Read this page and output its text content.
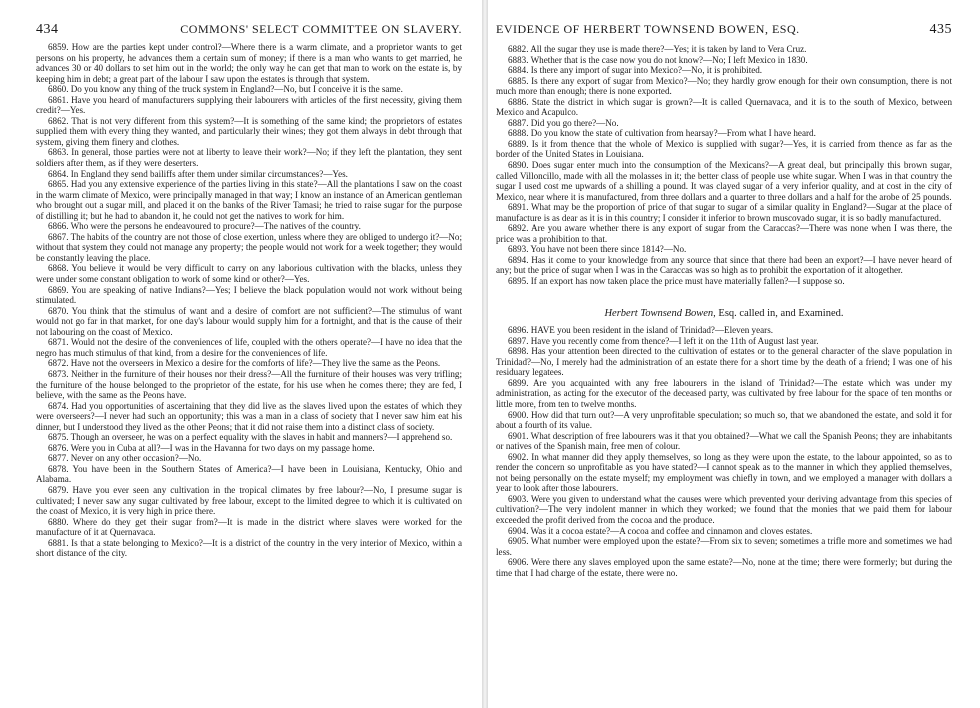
434	COMMONS' SELECT COMMITTEE ON SLAVERY.

6859. How are the parties kept under control?—Where there is a warm climate, and a proprietor wants to get persons on his property, he advances them a certain sum of money; if there is a man who wants to get married, he advances 30 or 40 dollars to set him out in the world; the only way he can get that man to work on the estate is, by keeping him in debt; a great part of the labour I saw upon the estates is through that system.

6860. Do you know any thing of the truck system in England?—No, but I conceive it is the same.

6861. Have you heard of manufacturers supplying their labourers with articles of the first necessity, giving them credit?—Yes.

6862. That is not very different from this system?—It is something of the same kind; the proprietors of estates supplied them with every thing they wanted, and particularly their wines; they got them always in debt through that system, giving them finery and clothes.

6863. In general, those parties were not at liberty to leave their work?—No; if they left the plantation, they sent soldiers after them, as if they were deserters.

6864. In England they send bailiffs after them under similar circumstances?—Yes.

6865. Had you any extensive experience of the parties living in this state?—All the plantations I saw on the coast in the warm climate of Mexico, were principally managed in that way; I know an instance of an American gentleman who brought out a sugar mill, and placed it on the banks of the River Tamasi; he tried to raise sugar for the purpose of distilling it; but he had to abandon it, he could not get the natives to work for him.

6866. Who were the persons he endeavoured to procure?—The natives of the country.

6867. The habits of the country are not those of close exertion, unless where they are obliged to undergo it?—No; without that system they could not manage any property; the people would not work for a week together; they would be constantly leaving the place.

6868. You believe it would be very difficult to carry on any laborious cultivation with the blacks, unless they were under some constant obligation to work of some kind or other?—Yes.

6869. You are speaking of native Indians?—Yes; I believe the black population would not work without being stimulated.

6870. You think that the stimulus of want and a desire of comfort are not sufficient?—The stimulus of want would not go far in that market, for one day's labour would supply him for a fortnight, and that is the cause of their not labouring on the coast of Mexico.

6871. Would not the desire of the conveniences of life, coupled with the others operate?—I have no idea that the negro has much stimulus of that kind, from a desire for the conveniences of life.

6872. Have not the overseers in Mexico a desire for the comforts of life?—They live the same as the Peons.

6873. Neither in the furniture of their houses nor their dress?—All the furniture of their houses was very trifling; the furniture of the house belonged to the proprietor of the estate, for his use when he comes there; they are fed, I believe, with the same as the Peons have.

6874. Had you opportunities of ascertaining that they did live as the slaves lived upon the estates of which they were overseers?—I never had such an opportunity; this was a man in a class of society that I never saw him eat his dinner, but I understood they lived as the other Peons; that it did not raise them into a distinct class of society.

6875. Though an overseer, he was on a perfect equality with the slaves in habit and manners?—I apprehend so.

6876. Were you in Cuba at all?—I was in the Havanna for two days on my passage home.

6877. Never on any other occasion?—No.

6878. You have been in the Southern States of America?—I have been in Louisiana, Kentucky, Ohio and Alabama.

6879. Have you ever seen any cultivation in the tropical climates by free labour?—No, I presume sugar is cultivated; I never saw any sugar cultivated by free labour, except to the limited degree to which it is cultivated on the coast of Mexico, it is very high in price there.

6880. Where do they get their sugar from?—It is made in the district where slaves were worked for the manufacture of it at Quernavaca.

6881. Is that a state belonging to Mexico?—It is a district of the country in the very interior of Mexico, within a short distance of the city.

EVIDENCE OF HERBERT TOWNSEND BOWEN, ESQ.	435

6882. All the sugar they use is made there?—Yes; it is taken by land to Vera Cruz.

6883. Whether that is the case now you do not know?—No; I left Mexico in 1830.

6884. Is there any import of sugar into Mexico?—No, it is prohibited.

6885. Is there any export of sugar from Mexico?—No; they hardly grow enough for their own consumption, there is not much more than enough; there is none exported.

6886. State the district in which sugar is grown?—It is called Quernavaca, and it is to the south of Mexico, between Mexico and Acapulco.

6887. Did you go there?—No.

6888. Do you know the state of cultivation from hearsay?—From what I have heard.

6889. Is it from thence that the whole of Mexico is supplied with sugar?—Yes, it is carried from thence as far as the border of the United States in Louisiana.

6890. Does sugar enter much into the consumption of the Mexicans?—A great deal, but principally this brown sugar, called Villoncillo, made with all the molasses in it; the better class of people use white sugar. When I was in that country the sugar I used cost me upwards of a shilling a pound. It was clayed sugar of a very inferior quality, and at cost in the city of Mexico, near where it is manufactured, from three dollars and a quarter to three dollars and a half for the arobe of 25 pounds.

6891. What may be the proportion of price of that sugar to sugar of a similar quality in England?—Sugar at the place of manufacture is as dear as it is in this country; I consider it inferior to brown muscovado sugar, it is so badly manufactured.

6892. Are you aware whether there is any export of sugar from the Caraccas?—There was none when I was there, the price was a prohibition to that.

6893. You have not been there since 1814?—No.

6894. Has it come to your knowledge from any source that since that there had been an export?—I have never heard of any; but the price of sugar when I was in the Caraccas was so high as to prohibit the exportation of it altogether.

6895. If an export has now taken place the price must have materially fallen?—I suppose so.

Herbert Townsend Bowen, Esq. called in, and Examined.

6896. HAVE you been resident in the island of Trinidad?—Eleven years.

6897. Have you recently come from thence?—I left it on the 11th of August last year.

6898. Has your attention been directed to the cultivation of estates or to the general character of the slave population in Trinidad?—No, I merely had the administration of an estate there for a short time by the death of a friend; I was one of his residuary legatees.

6899. Are you acquainted with any free labourers in the island of Trinidad?—The estate which was under my administration, as acting for the executor of the deceased party, was cultivated by free labour for the space of ten months or little more, from ten to twelve months.

6900. How did that turn out?—A very unprofitable speculation; so much so, that we abandoned the estate, and sold it for about a fourth of its value.

6901. What description of free labourers was it that you obtained?—What we call the Spanish Peons; they are inhabitants or natives of the Spanish main, free men of colour.

6902. In what manner did they apply themselves, so long as they were upon the estate, to the labour appointed, so as to render the concern so unprofitable as you have stated?—I cannot speak as to the manner in which they applied themselves, not being personally on the estate myself; my employment was chiefly in town, and we employed a manager with dollars a year to look after those labourers.

6903. Were you given to understand what the causes were which prevented your deriving advantage from this species of cultivation?—The very indolent manner in which they worked; we found that the monies that we paid them for labour exceeded the profit derived from the cocoa and the produce.

6904. Was it a cocoa estate?—A cocoa and coffee and cinnamon and cloves estates.

6905. What number were employed upon the estate?—From six to seven; sometimes a trifle more and sometimes we had less.

6906. Were there any slaves employed upon the same estate?—No, none at the time; there were formerly; but during the time that I had charge of the estate, there were no.
